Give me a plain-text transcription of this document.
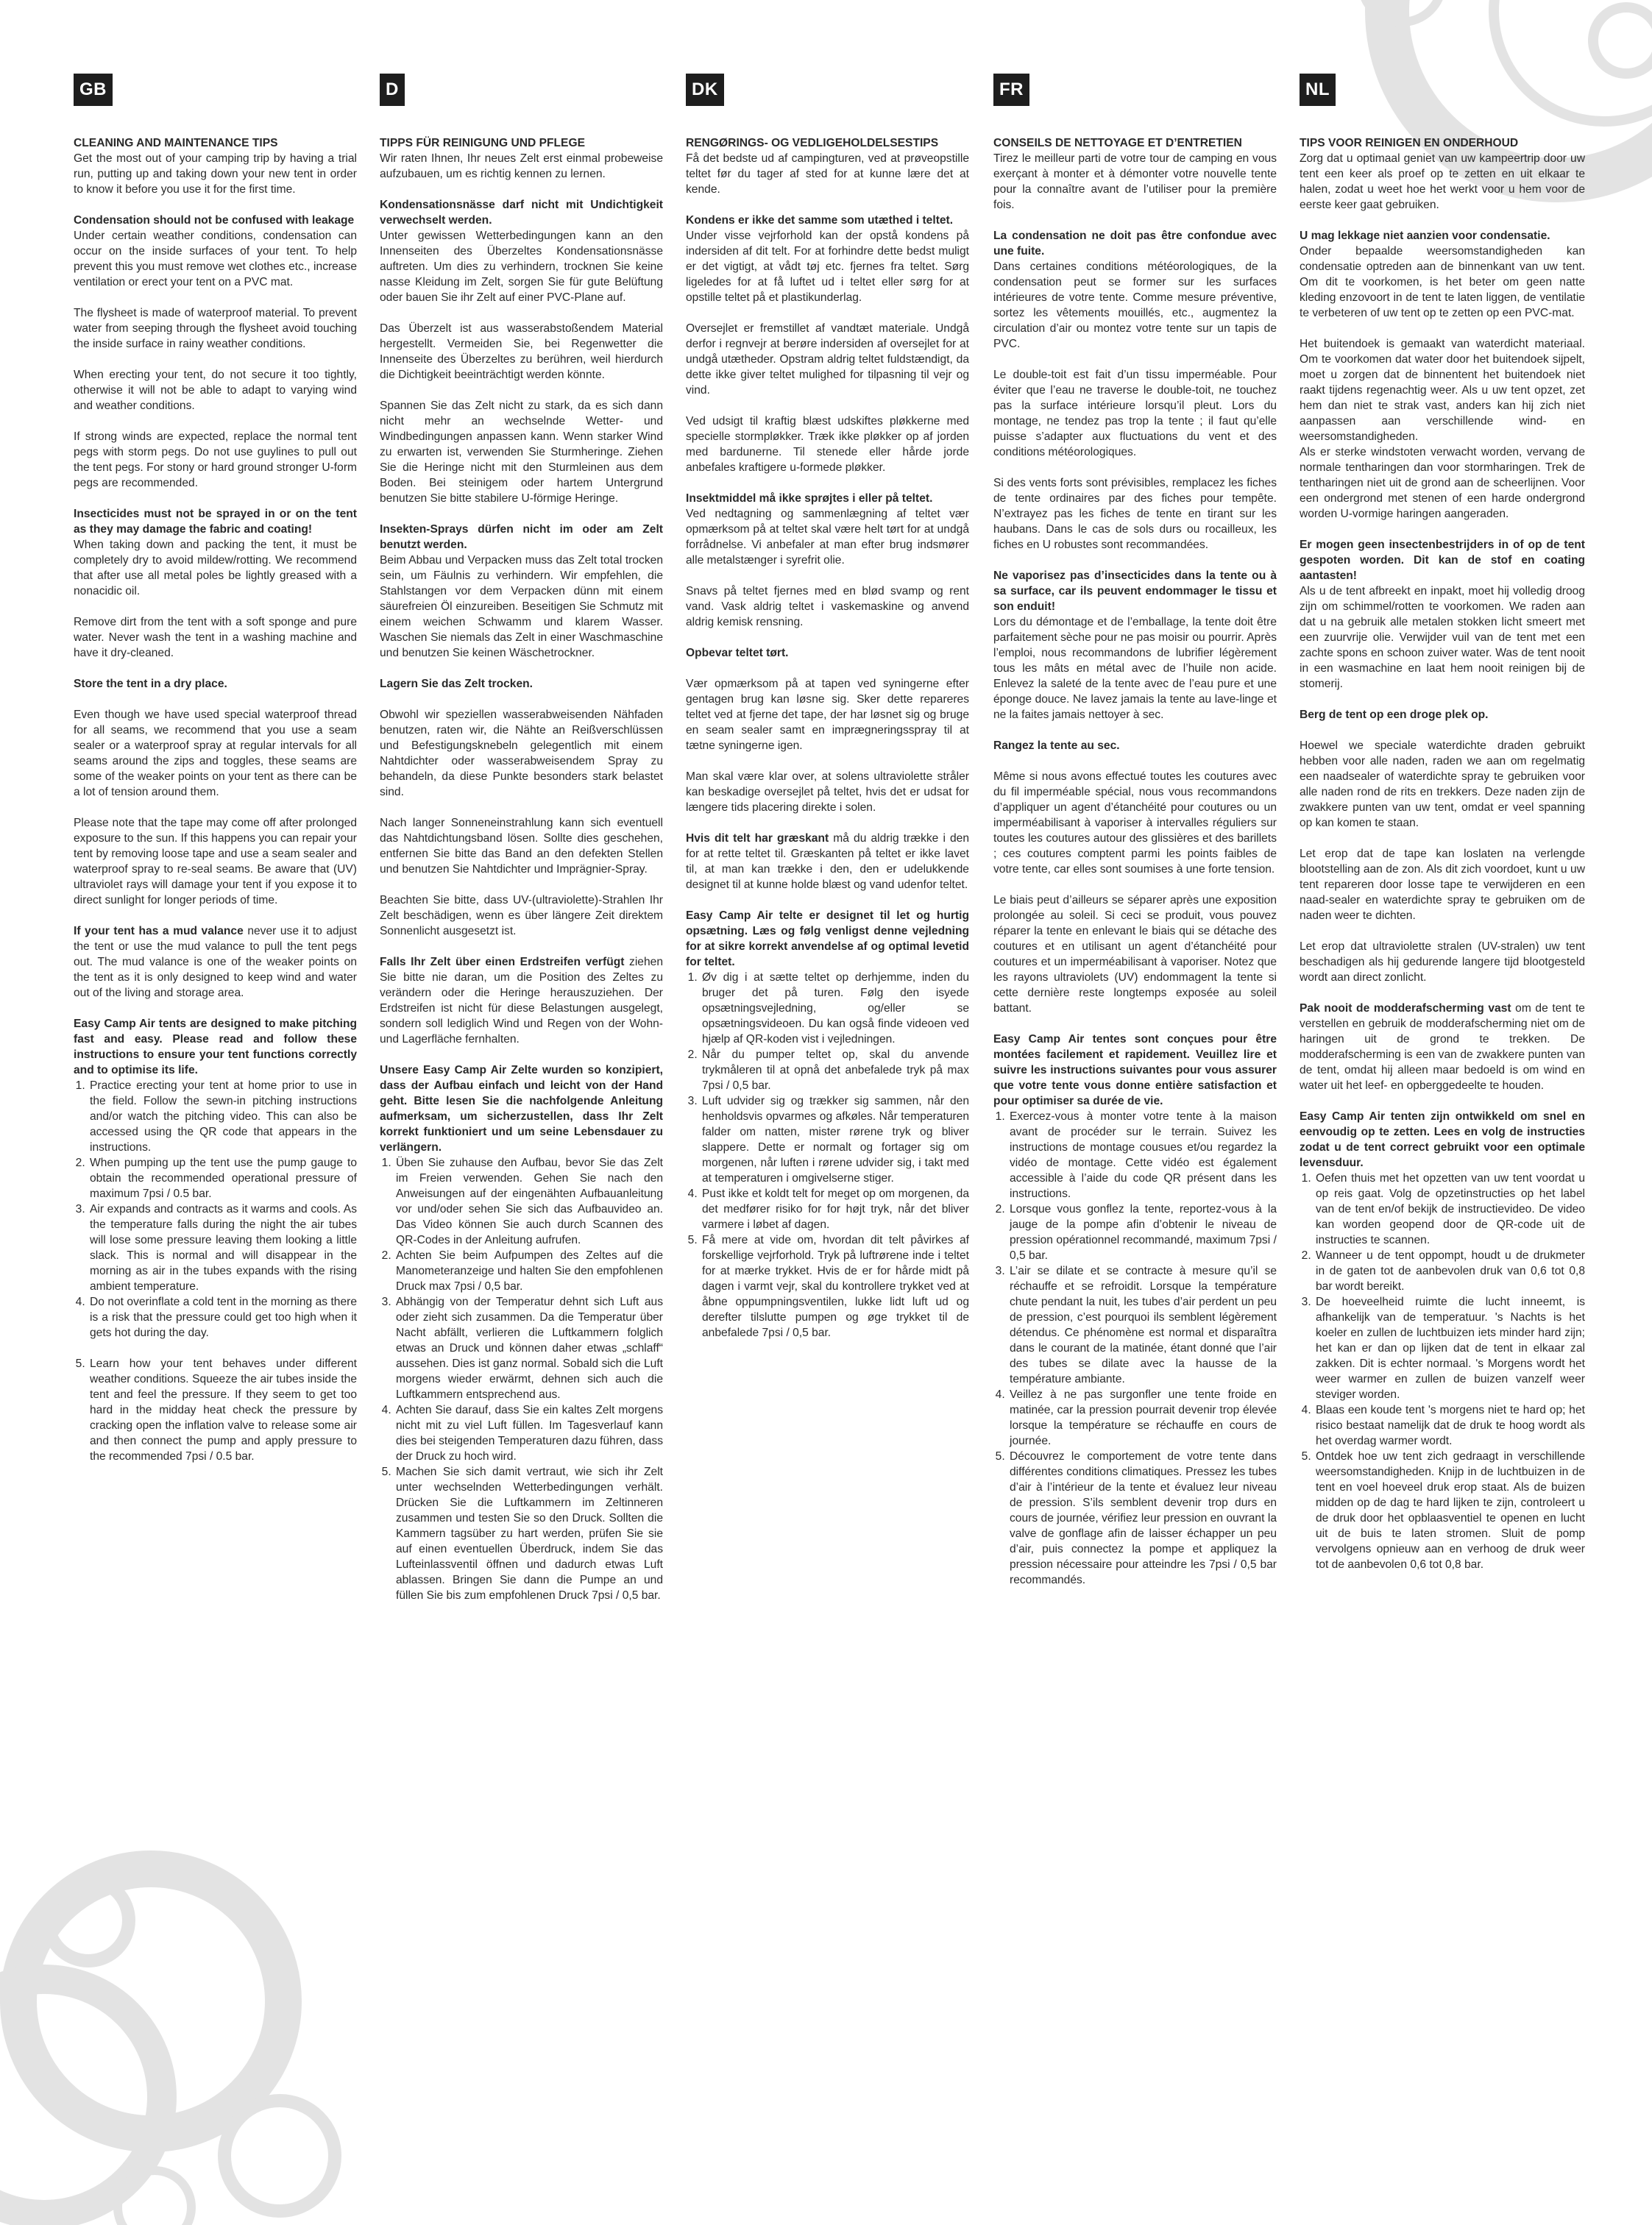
GB

CLEANING AND MAINTENANCE TIPS

Get the most out of your camping trip by having a trial run, putting up and taking down your new tent in order to know it before you use it for the first time.

Condensation should not be confused with leakage

Under certain weather conditions, condensation can occur on the inside surfaces of your tent. To help prevent this you must remove wet clothes etc., increase ventilation or erect your tent on a PVC mat.

The flysheet is made of waterproof material. To prevent water from seeping through the flysheet avoid touching the inside surface in rainy weather conditions.

When erecting your tent, do not secure it too tightly, otherwise it will not be able to adapt to varying wind and weather conditions.

If strong winds are expected, replace the normal tent pegs with storm pegs. Do not use guylines to pull out the tent pegs. For stony or hard ground stronger U-form pegs are recommended.

Insecticides must not be sprayed in or on the tent as they may damage the fabric and coating!

When taking down and packing the tent, it must be completely dry to avoid mildew/rotting. We recommend that after use all metal poles be lightly greased with a nonacidic oil.

Remove dirt from the tent with a soft sponge and pure water. Never wash the tent in a washing machine and have it dry-cleaned.

Store the tent in a dry place.

Even though we have used special waterproof thread for all seams, we recommend that you use a seam sealer or a waterproof spray at regular intervals for all seams around the zips and toggles, these seams are some of the weaker points on your tent as there can be a lot of tension around them.

Please note that the tape may come off after prolonged exposure to the sun. If this happens you can repair your tent by removing loose tape and use a seam sealer and waterproof spray to re-seal seams. Be aware that (UV) ultraviolet rays will damage your tent if you expose it to direct sunlight for longer periods of time.

If your tent has a mud valance never use it to adjust the tent or use the mud valance to pull the tent pegs out. The mud valance is one of the weaker points on the tent as it is only designed to keep wind and water out of the living and storage area.

Easy Camp Air tents are designed to make pitching fast and easy. Please read and follow these instructions to ensure your tent functions correctly and to optimise its life.

1. Practice erecting your tent at home prior to use in the field. Follow the sewn-in pitching instructions and/or watch the pitching video. This can also be accessed using the QR code that appears in the instructions.
2. When pumping up the tent use the pump gauge to obtain the recommended operational pressure of maximum 7psi / 0.5 bar.
3. Air expands and contracts as it warms and cools. As the temperature falls during the night the air tubes will lose some pressure leaving them looking a little slack. This is normal and will disappear in the morning as air in the tubes expands with the rising ambient temperature.
4. Do not overinflate a cold tent in the morning as there is a risk that the pressure could get too high when it gets hot during the day.
5. Learn how your tent behaves under different weather conditions. Squeeze the air tubes inside the tent and feel the pressure. If they seem to get too hard in the midday heat check the pressure by cracking open the inflation valve to release some air and then connect the pump and apply pressure to the recommended 7psi / 0.5 bar.
D

TIPPS FÜR REINIGUNG UND PFLEGE

Wir raten Ihnen, Ihr neues Zelt erst einmal probeweise aufzubauen, um es richtig kennen zu lernen.

Kondensationsnässe darf nicht mit Undichtigkeit verwechselt werden.

Unter gewissen Wetterbedingungen kann an den Innenseiten des Überzeltes Kondensationsnässe auftreten. Um dies zu verhindern, trocknen Sie keine nasse Kleidung im Zelt, sorgen Sie für gute Belüftung oder bauen Sie ihr Zelt auf einer PVC-Plane auf.

Das Überzelt ist aus wasserabstoßendem Material hergestellt. Vermeiden Sie, bei Regenwetter die Innenseite des Überzeltes zu berühren, weil hierdurch die Dichtigkeit beeinträchtigt werden könnte.

Spannen Sie das Zelt nicht zu stark, da es sich dann nicht mehr an wechselnde Wetter- und Windbedingungen anpassen kann. Wenn starker Wind zu erwarten ist, verwenden Sie Sturmheringe. Ziehen Sie die Heringe nicht mit den Sturmleinen aus dem Boden. Bei steinigem oder hartem Untergrund benutzen Sie bitte stabilere U-förmige Heringe.

Insekten-Sprays dürfen nicht im oder am Zelt benutzt werden.

Beim Abbau und Verpacken muss das Zelt total trocken sein, um Fäulnis zu verhindern. Wir empfehlen, die Stahlstangen vor dem Verpacken dünn mit einem säurefreien Öl einzureiben. Beseitigen Sie Schmutz mit einem weichen Schwamm und klarem Wasser. Waschen Sie niemals das Zelt in einer Waschmaschine und benutzen Sie keinen Wäschetrockner.

Lagern Sie das Zelt trocken.

Obwohl wir speziellen wasserabweisenden Nähfaden benutzen, raten wir, die Nähte an Reißverschlüssen und Befestigungsknebeln gelegentlich mit einem Nahtdichter oder wasserabweisendem Spray zu behandeln, da diese Punkte besonders stark belastet sind.

Nach langer Sonneneinstrahlung kann sich eventuell das Nahtdichtungsband lösen. Sollte dies geschehen, entfernen Sie bitte das Band an den defekten Stellen und benutzen Sie Nahtdichter und Imprägnier-Spray.

Beachten Sie bitte, dass UV-(ultraviolette)-Strahlen Ihr Zelt beschädigen, wenn es über längere Zeit direktem Sonnenlicht ausgesetzt ist.

Falls Ihr Zelt über einen Erdstreifen verfügt ziehen Sie bitte nie daran, um die Position des Zeltes zu verändern oder die Heringe herauszuziehen. Der Erdstreifen ist nicht für diese Belastungen ausgelegt, sondern soll lediglich Wind und Regen von der Wohn- und Lagerfläche fernhalten.

Unsere Easy Camp Air Zelte wurden so konzipiert, dass der Aufbau einfach und leicht von der Hand geht. Bitte lesen Sie die nachfolgende Anleitung aufmerksam, um sicherzustellen, dass Ihr Zelt korrekt funktioniert und um seine Lebensdauer zu verlängern.

1. Üben Sie zuhause den Aufbau, bevor Sie das Zelt im Freien verwenden. Gehen Sie nach den Anweisungen auf der eingenähten Aufbauanleitung vor und/oder sehen Sie sich das Aufbauvideo an. Das Video können Sie auch durch Scannen des QR-Codes in der Anleitung aufrufen.
2. Achten Sie beim Aufpumpen des Zeltes auf die Manometeranzeige und halten Sie den empfohlenen Druck max 7psi / 0,5 bar.
3. Abhängig von der Temperatur dehnt sich Luft aus oder zieht sich zusammen. Da die Temperatur über Nacht abfällt, verlieren die Luftkammern folglich etwas an Druck und können daher etwas „schlaff“ aussehen. Dies ist ganz normal. Sobald sich die Luft morgens wieder erwärmt, dehnen sich auch die Luftkammern entsprechend aus.
4. Achten Sie darauf, dass Sie ein kaltes Zelt morgens nicht mit zu viel Luft füllen. Im Tagesverlauf kann dies bei steigenden Temperaturen dazu führen, dass der Druck zu hoch wird.
5. Machen Sie sich damit vertraut, wie sich ihr Zelt unter wechselnden Wetterbedingungen verhält. Drücken Sie die Luftkammern im Zeltinneren zusammen und testen Sie so den Druck. Sollten die Kammern tagsüber zu hart werden, prüfen Sie sie auf einen eventuellen Überdruck, indem Sie das Lufteinlassventil öffnen und dadurch etwas Luft ablassen. Bringen Sie dann die Pumpe an und füllen Sie bis zum empfohlenen Druck 7psi / 0,5 bar.
DK

RENGØRINGS- OG VEDLIGEHOLDELSESTIPS

Få det bedste ud af campingturen, ved at prøveopstille teltet før du tager af sted for at kunne lære det at kende.

Kondens er ikke det samme som utæthed i teltet.

Under visse vejrforhold kan der opstå kondens på indersiden af dit telt. For at forhindre dette bedst muligt er det vigtigt, at vådt tøj etc. fjernes fra teltet. Sørg ligeledes for at få luftet ud i teltet eller sørg for at opstille teltet på et plastikunderlag.

Oversejlet er fremstillet af vandtæt materiale. Undgå derfor i regnvejr at berøre indersiden af oversejlet for at undgå utætheder. Opstram aldrig teltet fuldstændigt, da dette ikke giver teltet mulighed for tilpasning til vejr og vind.

Ved udsigt til kraftig blæst udskiftes pløkkerne med specielle stormpløkker. Træk ikke pløkker op af jorden med bardunerne. Til stenede eller hårde jorde anbefales kraftigere u-formede pløkker.

Insektmiddel må ikke sprøjtes i eller på teltet.

Ved nedtagning og sammenlægning af teltet vær opmærksom på at teltet skal være helt tørt for at undgå forrådnelse. Vi anbefaler at man efter brug indsmører alle metalstænger i syrefrit olie.

Snavs på teltet fjernes med en blød svamp og rent vand. Vask aldrig teltet i vaskemaskine og anvend aldrig kemisk rensning.

Opbevar teltet tørt.

Vær opmærksom på at tapen ved syningerne efter gentagen brug kan løsne sig. Sker dette repareres teltet ved at fjerne det tape, der har løsnet sig og bruge en seam sealer samt en imprægneringsspray til at tætne syningerne igen.

Man skal være klar over, at solens ultraviolette stråler kan beskadige oversejlet på teltet, hvis det er udsat for længere tids placering direkte i solen.

Hvis dit telt har græskant må du aldrig trække i den for at rette teltet til. Græskanten på teltet er ikke lavet til, at man kan trække i den, den er udelukkende designet til at kunne holde blæst og vand udenfor teltet.

Easy Camp Air telte er designet til let og hurtig opsætning. Læs og følg venligst denne vejledning for at sikre korrekt anvendelse af og optimal levetid for teltet.

1. Øv dig i at sætte teltet op derhjemme, inden du bruger det på turen. Følg den isyede opsætningsvejledning, og/eller se opsætningsvideoen. Du kan også finde videoen ved hjælp af QR-koden vist i vejledningen.
2. Når du pumper teltet op, skal du anvende trykmåleren til at opnå det anbefalede tryk på max 7psi / 0,5 bar.
3. Luft udvider sig og trækker sig sammen, når den henholdsvis opvarmes og afkøles. Når temperaturen falder om natten, mister rørene tryk og bliver slappere. Dette er normalt og fortager sig om morgenen, når luften i rørene udvider sig, i takt med at temperaturen i omgivelserne stiger.
4. Pust ikke et koldt telt for meget op om morgenen, da det medfører risiko for for højt tryk, når det bliver varmere i løbet af dagen.
5. Få mere at vide om, hvordan dit telt påvirkes af forskellige vejrforhold. Tryk på luftrørene inde i teltet for at mærke trykket. Hvis de er for hårde midt på dagen i varmt vejr, skal du kontrollere trykket ved at åbne oppumpningsventilen, lukke lidt luft ud og derefter tilslutte pumpen og øge trykket til de anbefalede 7psi / 0,5 bar.
FR

CONSEILS DE NETTOYAGE ET D’ENTRETIEN

Tirez le meilleur parti de votre tour de camping en vous exerçant à monter et à démonter votre nouvelle tente pour la connaître avant de l’utiliser pour la première fois.

La condensation ne doit pas être confondue avec une fuite.

Dans certaines conditions météorologiques, de la condensation peut se former sur les surfaces intérieures de votre tente. Comme mesure préventive, sortez les vêtements mouillés, etc., augmentez la circulation d’air ou montez votre tente sur un tapis de PVC.

Le double-toit est fait d’un tissu imperméable. Pour éviter que l’eau ne traverse le double-toit, ne touchez pas la surface intérieure lorsqu’il pleut. Lors du montage, ne tendez pas trop la tente ; il faut qu’elle puisse s’adapter aux fluctuations du vent et des conditions météorologiques.

Si des vents forts sont prévisibles, remplacez les fiches de tente ordinaires par des fiches pour tempête. N’extrayez pas les fiches de tente en tirant sur les haubans. Dans le cas de sols durs ou rocailleux, les fiches en U robustes sont recommandées.

Ne vaporisez pas d’insecticides dans la tente ou à sa surface, car ils peuvent endommager le tissu et son enduit!

Lors du démontage et de l’emballage, la tente doit être parfaitement sèche pour ne pas moisir ou pourrir. Après l’emploi, nous recommandons de lubrifier légèrement tous les mâts en métal avec de l’huile non acide. Enlevez la saleté de la tente avec de l’eau pure et une éponge douce. Ne lavez jamais la tente au lave-linge et ne la faites jamais nettoyer à sec.

Rangez la tente au sec.

Même si nous avons effectué toutes les coutures avec du fil imperméable spécial, nous vous recommandons d’appliquer un agent d’étanchéité pour coutures ou un imperméabilisant à vaporiser à intervalles réguliers sur toutes les coutures autour des glissières et des barillets ; ces coutures comptent parmi les points faibles de votre tente, car elles sont soumises à une forte tension.

Le biais peut d’ailleurs se séparer après une exposition prolongée au soleil. Si ceci se produit, vous pouvez réparer la tente en enlevant le biais qui se détache des coutures et en utilisant un agent d’étanchéité pour coutures et un imperméabilisant à vaporiser. Notez que les rayons ultraviolets (UV) endommagent la tente si cette dernière reste longtemps exposée au soleil battant.

Easy Camp Air tentes sont conçues pour être montées facilement et rapidement. Veuillez lire et suivre les instructions suivantes pour vous assurer que votre tente vous donne entière satisfaction et pour optimiser sa durée de vie.

1. Exercez-vous à monter votre tente à la maison avant de procéder sur le terrain. Suivez les instructions de montage cousues et/ou regardez la vidéo de montage. Cette vidéo est également accessible à l’aide du code QR présent dans les instructions.
2. Lorsque vous gonflez la tente, reportez-vous à la jauge de la pompe afin d’obtenir le niveau de pression opérationnel recommandé, maximum 7psi / 0,5 bar.
3. L’air se dilate et se contracte à mesure qu’il se réchauffe et se refroidit. Lorsque la température chute pendant la nuit, les tubes d’air perdent un peu de pression, c’est pourquoi ils semblent légèrement détendus. Ce phénomène est normal et disparaîtra dans le courant de la matinée, étant donné que l’air des tubes se dilate avec la hausse de la température ambiante.
4. Veillez à ne pas surgonfler une tente froide en matinée, car la pression pourrait devenir trop élevée lorsque la température se réchauffe en cours de journée.
5. Découvrez le comportement de votre tente dans différentes conditions climatiques. Pressez les tubes d’air à l’intérieur de la tente et évaluez leur niveau de pression. S’ils semblent devenir trop durs en cours de journée, vérifiez leur pression en ouvrant la valve de gonflage afin de laisser échapper un peu d’air, puis connectez la pompe et appliquez la pression nécessaire pour atteindre les 7psi / 0,5 bar recommandés.
NL

TIPS VOOR REINIGEN EN ONDERHOUD

Zorg dat u optimaal geniet van uw kampeertrip door uw tent een keer als proef op te zetten en uit elkaar te halen, zodat u weet hoe het werkt voor u hem voor de eerste keer gaat gebruiken.

U mag lekkage niet aanzien voor condensatie.

Onder bepaalde weersomstandigheden kan condensatie optreden aan de binnenkant van uw tent. Om dit te voorkomen, is het beter om geen natte kleding enzovoort in de tent te laten liggen, de ventilatie te verbeteren of uw tent op te zetten op een PVC-mat.

Het buitendoek is gemaakt van waterdicht materiaal. Om te voorkomen dat water door het buitendoek sijpelt, moet u zorgen dat de binnentent het buitendoek niet raakt tijdens regenachtig weer. Als u uw tent opzet, zet hem dan niet te strak vast, anders kan hij zich niet aanpassen aan verschillende wind- en weersomstandigheden.

Als er sterke windstoten verwacht worden, vervang de normale tentharingen dan voor stormharingen. Trek de tentharingen niet uit de grond aan de scheerlijnen. Voor een ondergrond met stenen of een harde ondergrond worden U-vormige haringen aangeraden.

Er mogen geen insectenbestrijders in of op de tent gespoten worden. Dit kan de stof en coating aantasten!

Als u de tent afbreekt en inpakt, moet hij volledig droog zijn om schimmel/rotten te voorkomen. We raden aan dat u na gebruik alle metalen stokken licht smeert met een zuurvrije olie. Verwijder vuil van de tent met een zachte spons en schoon zuiver water. Was de tent nooit in een wasmachine en laat hem nooit reinigen bij de stomerij.

Berg de tent op een droge plek op.

Hoewel we speciale waterdichte draden gebruikt hebben voor alle naden, raden we aan om regelmatig een naadsealer of waterdichte spray te gebruiken voor alle naden rond de rits en trekkers. Deze naden zijn de zwakkere punten van uw tent, omdat er veel spanning op kan komen te staan.

Let erop dat de tape kan loslaten na verlengde blootstelling aan de zon. Als dit zich voordoet, kunt u uw tent repareren door losse tape te verwijderen en een naad-sealer en waterdichte spray te gebruiken om de naden weer te dichten.

Let erop dat ultraviolette stralen (UV-stralen) uw tent beschadigen als hij gedurende langere tijd blootgesteld wordt aan direct zonlicht.

Pak nooit de modderafscherming vast om de tent te verstellen en gebruik de modderafscherming niet om de haringen uit de grond te trekken. De modderafscherming is een van de zwakkere punten van de tent, omdat hij alleen maar bedoeld is om wind en water uit het leef- en opberggedeelte te houden.

Easy Camp Air tenten zijn ontwikkeld om snel en eenvoudig op te zetten. Lees en volg de instructies zodat u de tent correct gebruikt voor een optimale levensduur.

1. Oefen thuis met het opzetten van uw tent voordat u op reis gaat. Volg de opzetinstructies op het label van de tent en/of bekijk de instructievideo. De video kan worden geopend door de QR-code uit de instructies te scannen.
2. Wanneer u de tent oppompt, houdt u de drukmeter in de gaten tot de aanbevolen druk van 0,6 tot 0,8 bar wordt bereikt.
3. De hoeveelheid ruimte die lucht inneemt, is afhankelijk van de temperatuur. 's Nachts is het koeler en zullen de luchtbuizen iets minder hard zijn; het kan er dan op lijken dat de tent in elkaar zal zakken. Dit is echter normaal. 's Morgens wordt het weer warmer en zullen de buizen vanzelf weer steviger worden.
4. Blaas een koude tent 's morgens niet te hard op; het risico bestaat namelijk dat de druk te hoog wordt als het overdag warmer wordt.
5. Ontdek hoe uw tent zich gedraagt in verschillende weersomstandigheden. Knijp in de luchtbuizen in de tent en voel hoeveel druk erop staat. Als de buizen midden op de dag te hard lijken te zijn, controleert u de druk door het opblaasventiel te openen en lucht uit de buis te laten stromen. Sluit de pomp vervolgens opnieuw aan en verhoog de druk weer tot de aanbevolen 0,6 tot 0,8 bar.
